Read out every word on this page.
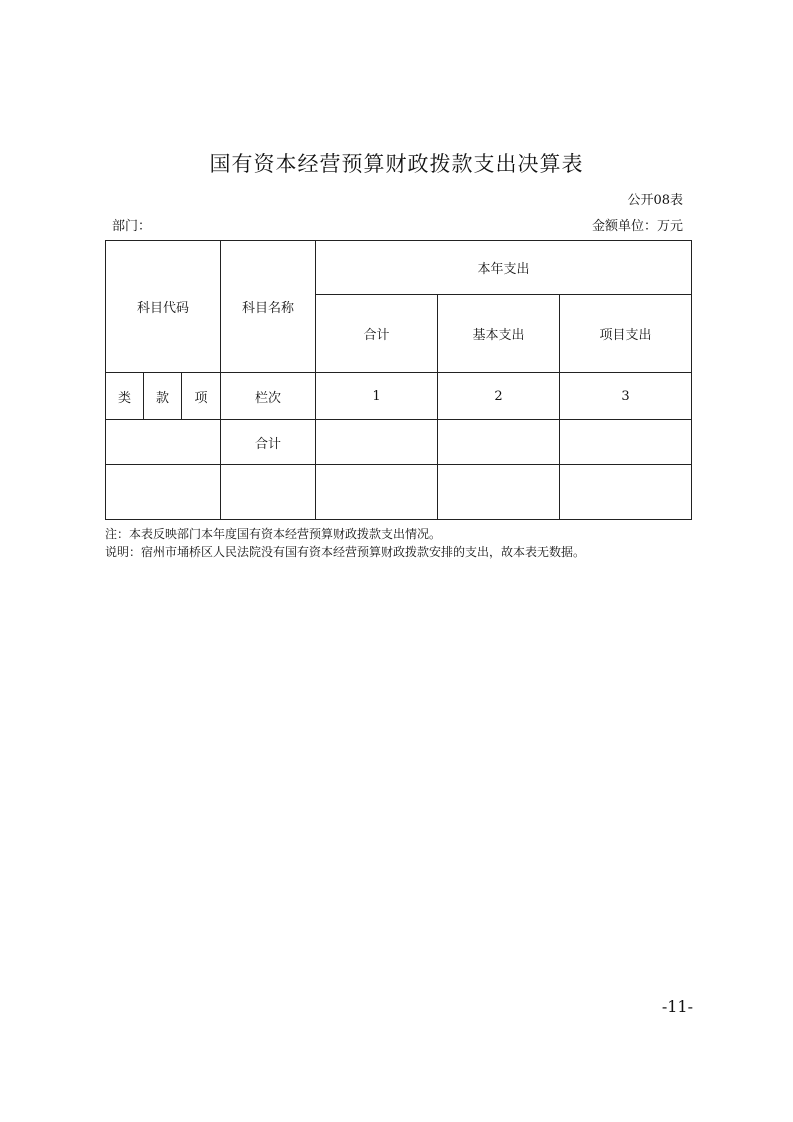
国有资本经营预算财政拨款支出决算表
公开08表
部门：	金额单位：万元
科目代码			科目名称	本年支出		
				合计	基本支出	项目支出
类	款	项	栏次	1	2	3
			合计			

注：本表反映部门本年度国有资本经营预算财政拨款支出情况。
说明：宿州市埇桥区人民法院没有国有资本经营预算财政拨款安排的支出，故本表无数据。
-11-
